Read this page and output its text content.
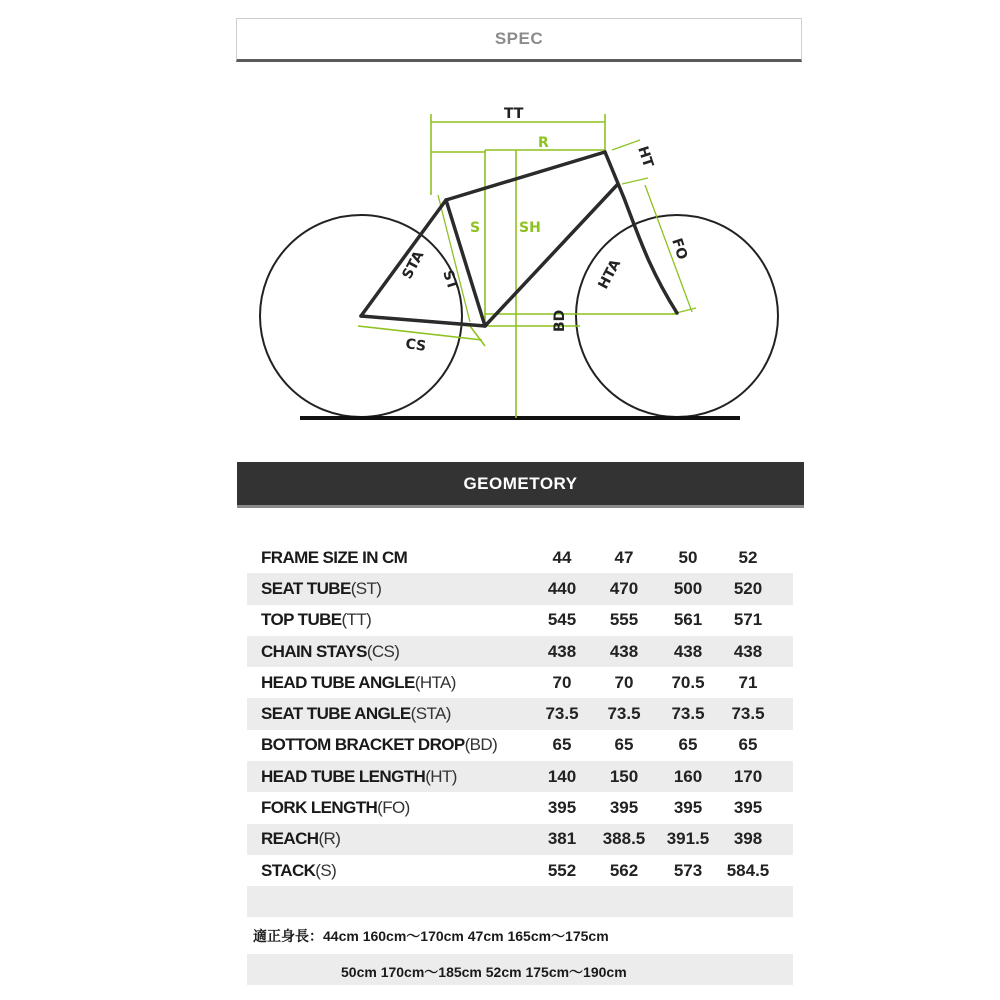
SPEC
TT
R
S	SH
HT
STA ST	HTA
FO
BD
CS
GEOMETORY
FRAME SIZE IN CM	44	47	50	52
SEAT TUBE (ST)	440	470	500	520
TOP TUBE (TT)	545	555	561	571
CHAIN STAYS (CS)	438	438	438	438
HEAD TUBE ANGLE (HTA)	70	70	70.5	71
SEAT TUBE ANGLE (STA)	73.5	73.5	73.5	73.5
BOTTOM BRACKET DROP (BD)	65	65	65	65
HEAD TUBE LENGTH (HT)	140	150	160	170
FORK LENGTH (FO)	395	395	395	395
REACH (R)	381	388.5	391.5	398
STACK (S)	552	562	573	584.5
適正身長：44cm 160cm～170cm 47cm 165cm～175cm
50cm 170cm～185cm 52cm 175cm～190cm
